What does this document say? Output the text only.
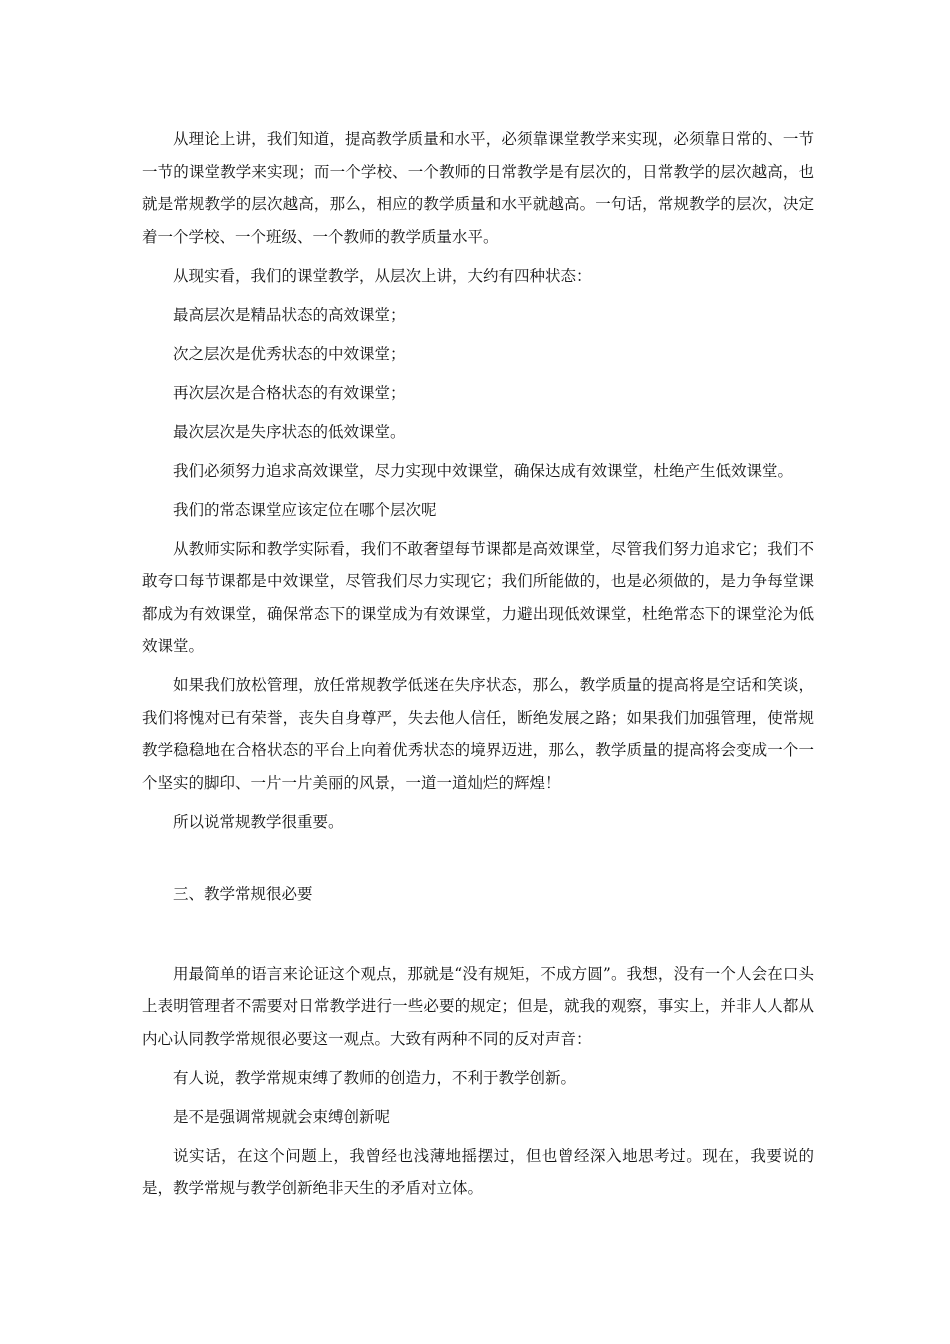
从理论上讲，我们知道，提高教学质量和水平，必须靠课堂教学来实现，必须靠日常的、一节一节的课堂教学来实现；而一个学校、一个教师的日常教学是有层次的，日常教学的层次越高，也就是常规教学的层次越高，那么，相应的教学质量和水平就越高。一句话，常规教学的层次，决定着一个学校、一个班级、一个教师的教学质量水平。

从现实看，我们的课堂教学，从层次上讲，大约有四种状态：

最高层次是精品状态的高效课堂；

次之层次是优秀状态的中效课堂；

再次层次是合格状态的有效课堂；

最次层次是失序状态的低效课堂。

我们必须努力追求高效课堂，尽力实现中效课堂，确保达成有效课堂，杜绝产生低效课堂。

我们的常态课堂应该定位在哪个层次呢

从教师实际和教学实际看，我们不敢奢望每节课都是高效课堂，尽管我们努力追求它；我们不敢夸口每节课都是中效课堂，尽管我们尽力实现它；我们所能做的，也是必须做的，是力争每堂课都成为有效课堂，确保常态下的课堂成为有效课堂，力避出现低效课堂，杜绝常态下的课堂沦为低效课堂。

如果我们放松管理，放任常规教学低迷在失序状态，那么，教学质量的提高将是空话和笑谈，我们将愧对已有荣誉，丧失自身尊严，失去他人信任，断绝发展之路；如果我们加强管理，使常规教学稳稳地在合格状态的平台上向着优秀状态的境界迈进，那么，教学质量的提高将会变成一个一个坚实的脚印、一片一片美丽的风景，一道一道灿烂的辉煌！

所以说常规教学很重要。

三、教学常规很必要

用最简单的语言来论证这个观点，那就是“没有规矩，不成方圆”。我想，没有一个人会在口头上表明管理者不需要对日常教学进行一些必要的规定；但是，就我的观察，事实上，并非人人都从内心认同教学常规很必要这一观点。大致有两种不同的反对声音：

有人说，教学常规束缚了教师的创造力，不利于教学创新。

是不是强调常规就会束缚创新呢

说实话，在这个问题上，我曾经也浅薄地摇摆过，但也曾经深入地思考过。现在，我要说的是，教学常规与教学创新绝非天生的矛盾对立体。
